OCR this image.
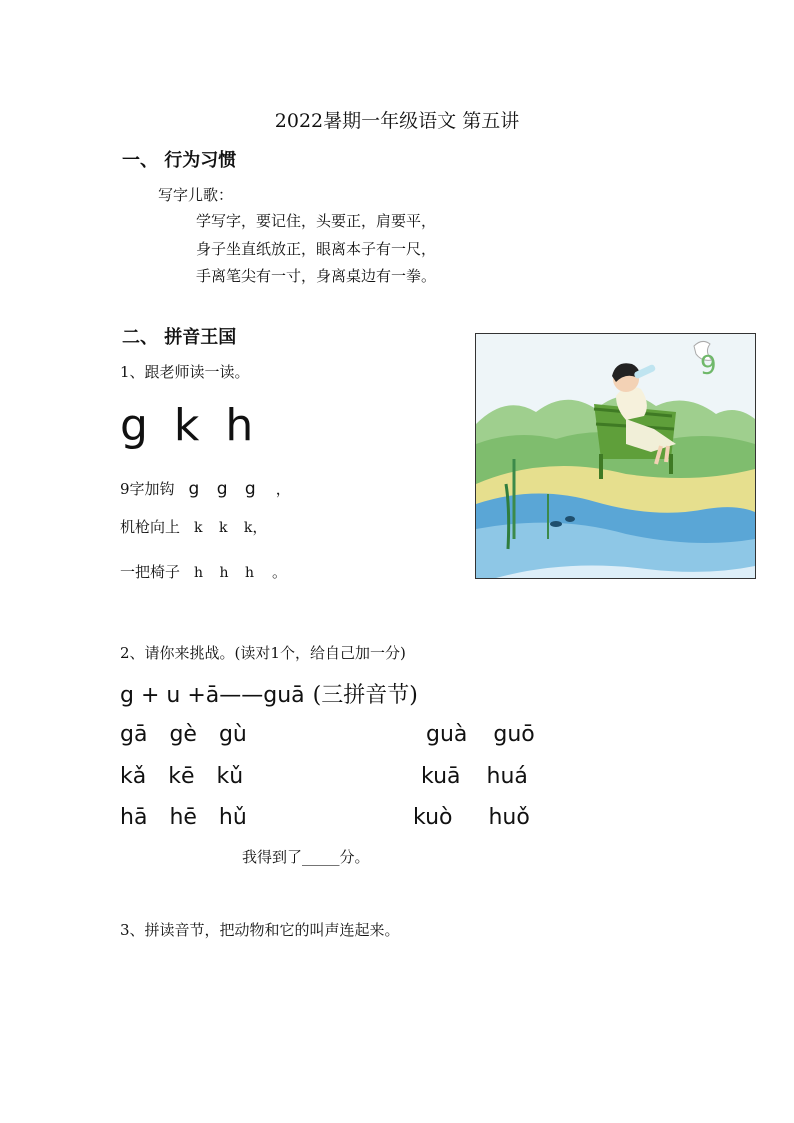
2022暑期一年级语文 第五讲
一、 行为习惯
写字儿歌：
学写字，要记住，头要正，肩要平，
身子坐直纸放正，眼离本子有一尺，
手离笔尖有一寸，身离桌边有一拳。
二、 拼音王国
1、跟老师读一读。
g k h
9字加钩 g g g ，
机枪向上 k k k，
一把椅子 h h h 。
9
2、请你来挑战。(读对1个，给自己加一分)
g + u +ā——guā (三拼音节)
gā gè gù
kǎ kē kǔ
hā hē hǔ
guà guō
kuā huá
kuò huǒ
我得到了_____分。
3、拼读音节，把动物和它的叫声连起来。
